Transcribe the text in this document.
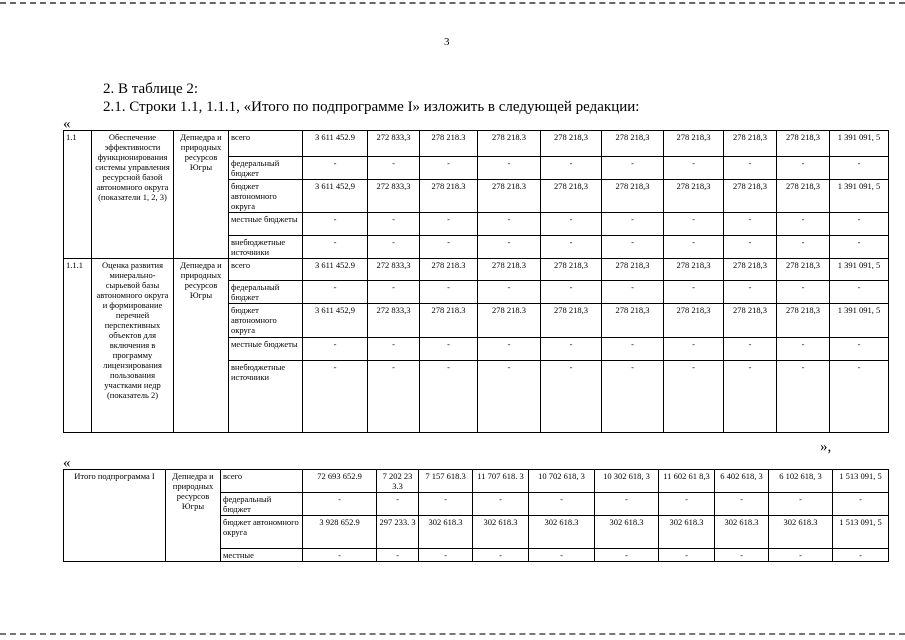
3
2. В таблице 2:
2.1. Строки 1.1, 1.1.1, «Итого по подпрограмме I» изложить в следующей редакции:
«
1.1	Обеспечение эффективности функционирования системы управления ресурсной базой автономного округа (показатели 1, 2, 3)	Депнедра и природных ресурсов Югры	всего	3 611 452.9	272 833,3	278 218.3	278 218.3	278 218,3	278 218,3	278 218,3	278 218,3	278 218,3	1 391 091, 5
			федеральный бюджет	-	-	-	-	-	-	-	-	-	-
			бюджет автономного округа	3 611 452,9	272 833,3	278 218.3	278 218.3	278 218,3	278 218,3	278 218,3	278 218,3	278 218,3	1 391 091, 5
			местные бюджеты	-	-	-	-	-	-	-	-	-	-
			внебюджетные источники	-	-	-	-	-	-	-	-	-	-
1.1.1	Оценка развития минерально-сырьевой базы автономного округа и формирование перечней перспективных объектов для включения в программу лицензирования пользования участками недр (показатель 2)	Депнедра и природных ресурсов Югры	всего	3 611 452.9	272 833,3	278 218.3	278 218.3	278 218,3	278 218,3	278 218,3	278 218,3	278 218,3	1 391 091, 5
			федеральный бюджет	-	-	-	-	-	-	-	-	-	-
			бюджет автономного округа	3 611 452,9	272 833,3	278 218.3	278 218.3	278 218,3	278 218,3	278 218,3	278 218,3	278 218,3	1 391 091, 5
			местные бюджеты	-	-	-	-	-	-	-	-	-	-
			внебюджетные источники	-	-	-	-	-	-	-	-	-	-
»,
«
Итого подпрограмма I	Депнедра и природных ресурсов Югры	всего	72 693 652.9	7 202 23 3.3	7 157 618.3	11 707 618. 3	10 702 618, 3	10 302 618, 3	11 602 61 8,3	6 402 618, 3	6 102 618, 3	1 513 091, 5
		федеральный бюджет	-	-	-	-	-	-	-	-	-	-
		бюджет автономного округа	3 928 652.9	297 233. 3	302 618.3	302 618.3	302 618.3	302 618.3	302 618.3	302 618.3	302 618.3	1 513 091, 5
		местные	-	-	-	-	-	-	-	-	-	-
